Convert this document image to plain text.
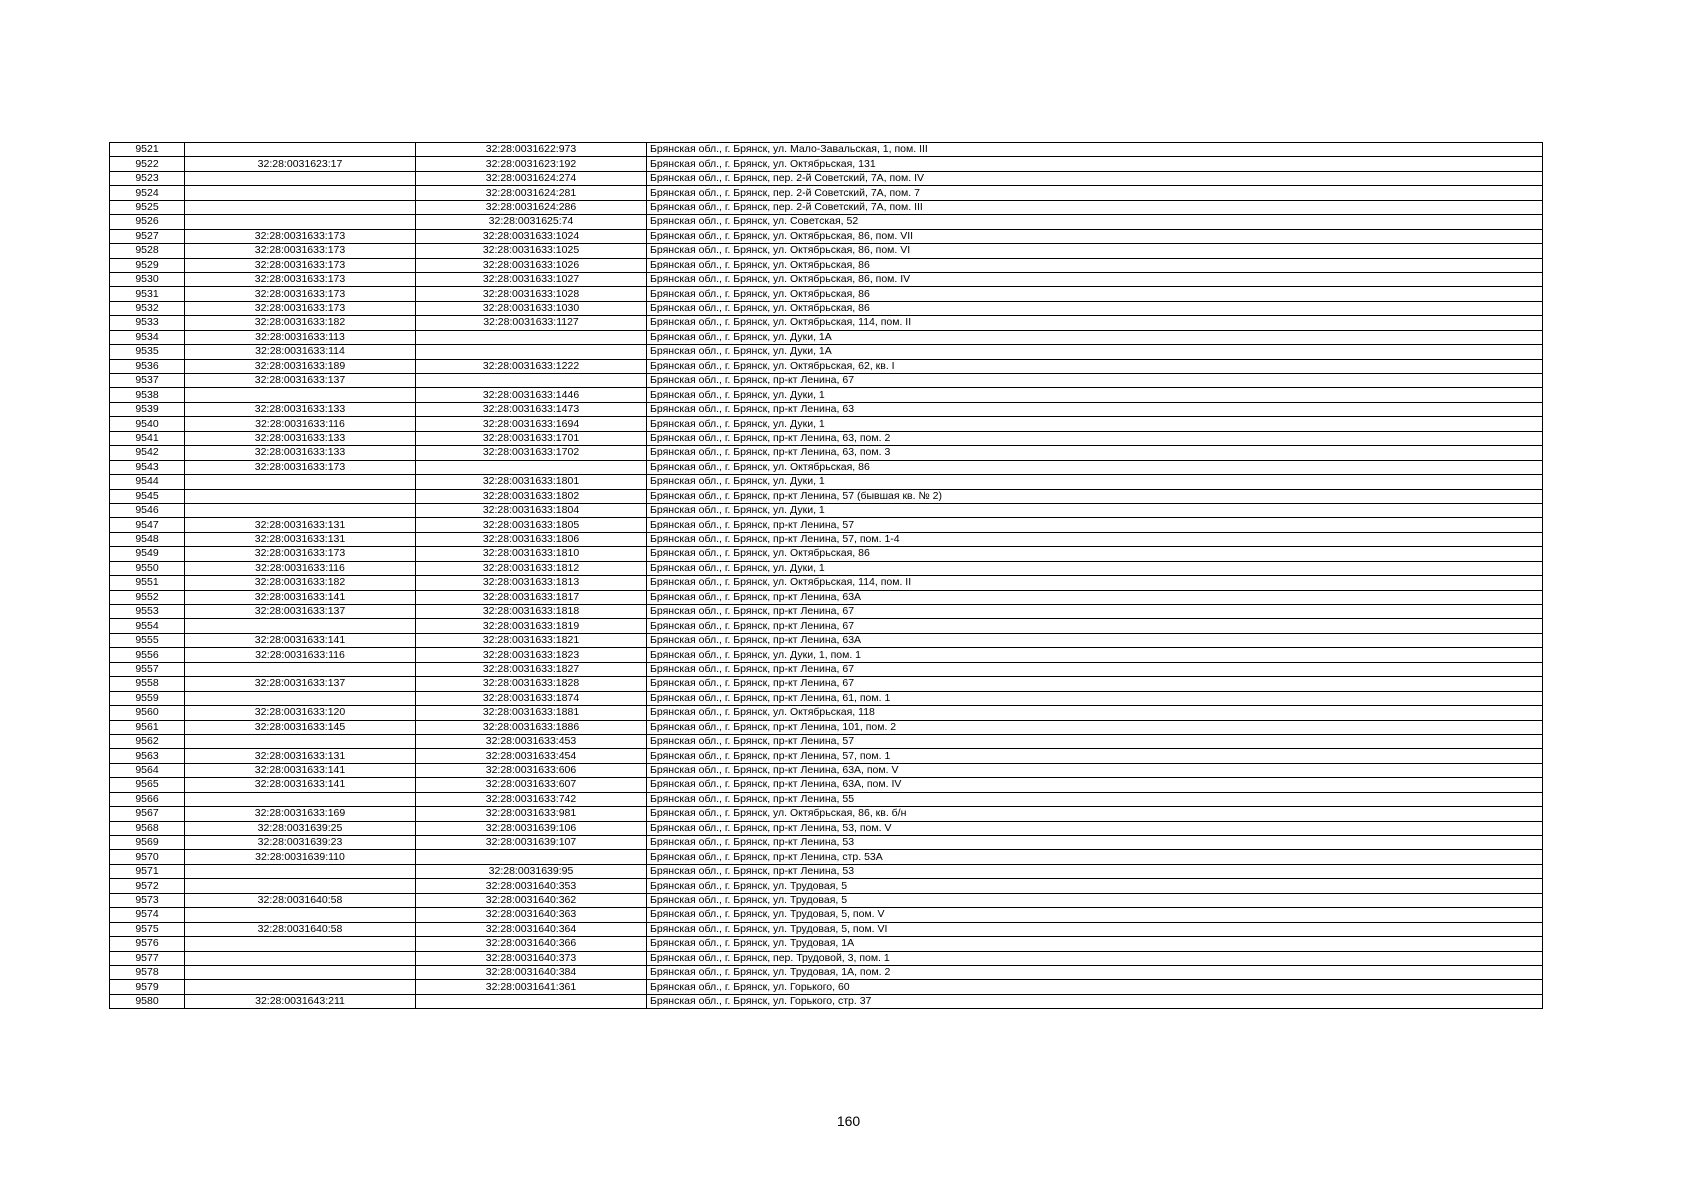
9521		32:28:0031622:973	Брянская обл., г. Брянск, ул. Мало-Завальская, 1, пом. III
9522	32:28:0031623:17	32:28:0031623:192	Брянская обл., г. Брянск, ул. Октябрьская, 131
9523		32:28:0031624:274	Брянская обл., г. Брянск, пер. 2-й Советский, 7А, пом. IV
9524		32:28:0031624:281	Брянская обл., г. Брянск, пер. 2-й Советский, 7А, пом. 7
9525		32:28:0031624:286	Брянская обл., г. Брянск, пер. 2-й Советский, 7А, пом. III
9526		32:28:0031625:74	Брянская обл., г. Брянск, ул. Советская, 52
9527	32:28:0031633:173	32:28:0031633:1024	Брянская обл., г. Брянск, ул. Октябрьская, 86, пом. VII
9528	32:28:0031633:173	32:28:0031633:1025	Брянская обл., г. Брянск, ул. Октябрьская, 86, пом. VI
9529	32:28:0031633:173	32:28:0031633:1026	Брянская обл., г. Брянск, ул. Октябрьская, 86
9530	32:28:0031633:173	32:28:0031633:1027	Брянская обл., г. Брянск, ул. Октябрьская, 86, пом. IV
9531	32:28:0031633:173	32:28:0031633:1028	Брянская обл., г. Брянск, ул. Октябрьская, 86
9532	32:28:0031633:173	32:28:0031633:1030	Брянская обл., г. Брянск, ул. Октябрьская, 86
9533	32:28:0031633:182	32:28:0031633:1127	Брянская обл., г. Брянск, ул. Октябрьская, 114, пом. II
9534	32:28:0031633:113		Брянская обл., г. Брянск, ул. Дуки, 1А
9535	32:28:0031633:114		Брянская обл., г. Брянск, ул. Дуки, 1А
9536	32:28:0031633:189	32:28:0031633:1222	Брянская обл., г. Брянск, ул. Октябрьская, 62, кв. I
9537	32:28:0031633:137		Брянская обл., г. Брянск, пр-кт Ленина, 67
9538		32:28:0031633:1446	Брянская обл., г. Брянск, ул. Дуки, 1
9539	32:28:0031633:133	32:28:0031633:1473	Брянская обл., г. Брянск, пр-кт Ленина, 63
9540	32:28:0031633:116	32:28:0031633:1694	Брянская обл., г. Брянск, ул. Дуки, 1
9541	32:28:0031633:133	32:28:0031633:1701	Брянская обл., г. Брянск, пр-кт Ленина, 63, пом. 2
9542	32:28:0031633:133	32:28:0031633:1702	Брянская обл., г. Брянск, пр-кт Ленина, 63, пом. 3
9543	32:28:0031633:173		Брянская обл., г. Брянск, ул. Октябрьская, 86
9544		32:28:0031633:1801	Брянская обл., г. Брянск, ул. Дуки, 1
9545		32:28:0031633:1802	Брянская обл., г. Брянск, пр-кт Ленина, 57 (бывшая кв. № 2)
9546		32:28:0031633:1804	Брянская обл., г. Брянск, ул. Дуки, 1
9547	32:28:0031633:131	32:28:0031633:1805	Брянская обл., г. Брянск, пр-кт Ленина, 57
9548	32:28:0031633:131	32:28:0031633:1806	Брянская обл., г. Брянск, пр-кт Ленина, 57, пом. 1-4
9549	32:28:0031633:173	32:28:0031633:1810	Брянская обл., г. Брянск, ул. Октябрьская, 86
9550	32:28:0031633:116	32:28:0031633:1812	Брянская обл., г. Брянск, ул. Дуки, 1
9551	32:28:0031633:182	32:28:0031633:1813	Брянская обл., г. Брянск, ул. Октябрьская, 114, пом. II
9552	32:28:0031633:141	32:28:0031633:1817	Брянская обл., г. Брянск, пр-кт Ленина, 63А
9553	32:28:0031633:137	32:28:0031633:1818	Брянская обл., г. Брянск, пр-кт Ленина, 67
9554		32:28:0031633:1819	Брянская обл., г. Брянск, пр-кт Ленина, 67
9555	32:28:0031633:141	32:28:0031633:1821	Брянская обл., г. Брянск, пр-кт Ленина, 63А
9556	32:28:0031633:116	32:28:0031633:1823	Брянская обл., г. Брянск, ул. Дуки, 1, пом. 1
9557		32:28:0031633:1827	Брянская обл., г. Брянск, пр-кт Ленина, 67
9558	32:28:0031633:137	32:28:0031633:1828	Брянская обл., г. Брянск, пр-кт Ленина, 67
9559		32:28:0031633:1874	Брянская обл., г. Брянск, пр-кт Ленина, 61, пом. 1
9560	32:28:0031633:120	32:28:0031633:1881	Брянская обл., г. Брянск, ул. Октябрьская, 118
9561	32:28:0031633:145	32:28:0031633:1886	Брянская обл., г. Брянск, пр-кт Ленина, 101, пом. 2
9562		32:28:0031633:453	Брянская обл., г. Брянск, пр-кт Ленина, 57
9563	32:28:0031633:131	32:28:0031633:454	Брянская обл., г. Брянск, пр-кт Ленина, 57, пом. 1
9564	32:28:0031633:141	32:28:0031633:606	Брянская обл., г. Брянск, пр-кт Ленина, 63А, пом. V
9565	32:28:0031633:141	32:28:0031633:607	Брянская обл., г. Брянск, пр-кт Ленина, 63А, пом. IV
9566		32:28:0031633:742	Брянская обл., г. Брянск, пр-кт Ленина, 55
9567	32:28:0031633:169	32:28:0031633:981	Брянская обл., г. Брянск, ул. Октябрьская, 86, кв. б/н
9568	32:28:0031639:25	32:28:0031639:106	Брянская обл., г. Брянск, пр-кт Ленина, 53, пом. V
9569	32:28:0031639:23	32:28:0031639:107	Брянская обл., г. Брянск, пр-кт Ленина, 53
9570	32:28:0031639:110		Брянская обл., г. Брянск, пр-кт Ленина, стр. 53А
9571		32:28:0031639:95	Брянская обл., г. Брянск, пр-кт Ленина, 53
9572		32:28:0031640:353	Брянская обл., г. Брянск, ул. Трудовая, 5
9573	32:28:0031640:58	32:28:0031640:362	Брянская обл., г. Брянск, ул. Трудовая, 5
9574		32:28:0031640:363	Брянская обл., г. Брянск, ул. Трудовая, 5, пом. V
9575	32:28:0031640:58	32:28:0031640:364	Брянская обл., г. Брянск, ул. Трудовая, 5, пом. VI
9576		32:28:0031640:366	Брянская обл., г. Брянск, ул. Трудовая, 1А
9577		32:28:0031640:373	Брянская обл., г. Брянск, пер. Трудовой, 3, пом. 1
9578		32:28:0031640:384	Брянская обл., г. Брянск, ул. Трудовая, 1А, пом. 2
9579		32:28:0031641:361	Брянская обл., г. Брянск, ул. Горького, 60
9580	32:28:0031643:211		Брянская обл., г. Брянск, ул. Горького, стр. 37
160
